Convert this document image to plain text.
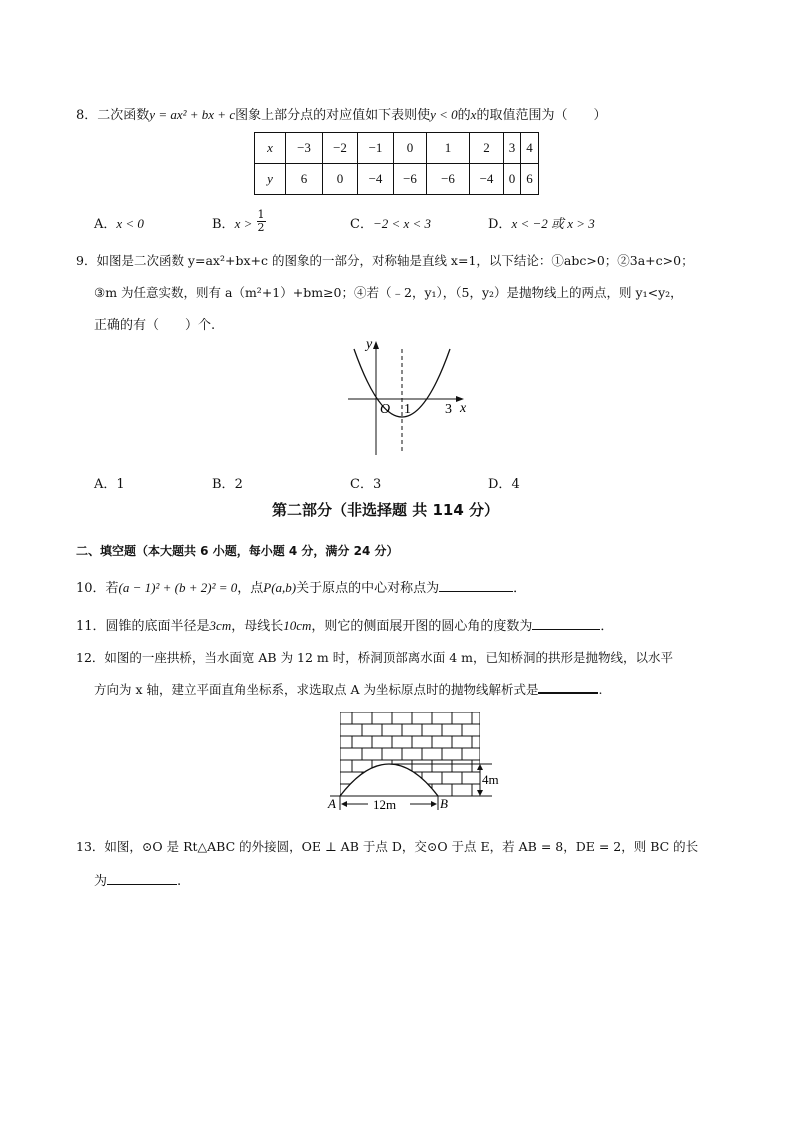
8．二次函数y = ax² + bx + c图象上部分点的对应值如下表则使y < 0的x的取值范围为（　　）
x	−3	−2	−1	0	1	2	3	4
y	6	0	−4	−6	−6	−4	0	6
A．x < 0	B．$x > \frac{1}{2}$	C．−2 < x < 3	D．x < −2 或 x > 3
9．如图是二次函数 y=ax²+bx+c 的图象的一部分，对称轴是直线 x=1，以下结论：①abc>0；②3a+c>0；
③m 为任意实数，则有 a（m²+1）+bm≥0；④若（﹣2，y₁），（5，y₂）是抛物线上的两点，则 y₁<y₂，
正确的有（　　）个.
y
x
O 1 3
A．1	B．2	C．3	D．4
第二部分（非选择题 共 114 分）
二、填空题（本大题共 6 小题，每小题 4 分，满分 24 分）
10．若(a − 1)² + (b + 2)² = 0，点P(a,b)关于原点的中心对称点为	．
11．圆锥的底面半径是3cm，母线长10cm，则它的侧面展开图的圆心角的度数为	．
12．如图的一座拱桥，当水面宽 AB 为 12 m 时，桥洞顶部离水面 4 m，已知桥洞的拱形是抛物线，以水平
方向为 x 轴，建立平面直角坐标系，求选取点 A 为坐标原点时的抛物线解析式是	.
4m
12m
A	B
13．如图，⊙O 是 Rt△ABC 的外接圆，OE ⊥ AB 于点 D，交⊙O 于点 E，若 AB = 8，DE = 2，则 BC 的长
为	.
